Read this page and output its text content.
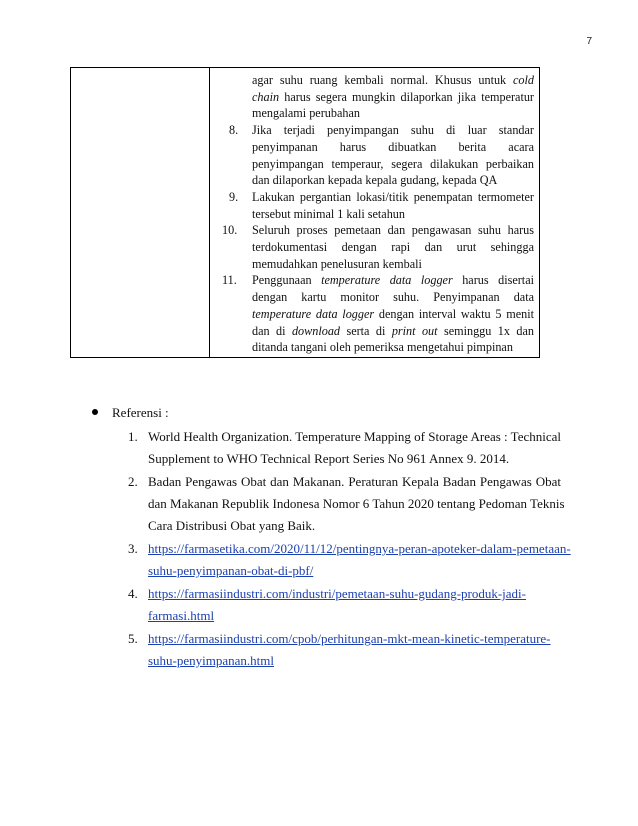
7
agar suhu ruang kembali normal. Khusus untuk cold
chain harus segera mungkin dilaporkan jika temperatur
mengalami perubahan
8. Jika terjadi penyimpangan suhu di luar standar
penyimpanan harus dibuatkan berita acara
penyimpangan temperaur, segera dilakukan perbaikan
dan dilaporkan kepada kepala gudang, kepada QA
9. Lakukan pergantian lokasi/titik penempatan termometer
tersebut minimal 1 kali setahun
10. Seluruh proses pemetaan dan pengawasan suhu harus
terdokumentasi dengan rapi dan urut sehingga
memudahkan penelusuran kembali
11. Penggunaan temperature data logger harus disertai
dengan kartu monitor suhu. Penyimpanan data
temperature data logger dengan interval waktu 5 menit
dan di download serta di print out seminggu 1x dan
ditanda tangani oleh pemeriksa mengetahui pimpinan
Referensi :
1. World Health Organization. Temperature Mapping of Storage Areas : Technical
Supplement to WHO Technical Report Series No 961 Annex 9. 2014.
2. Badan Pengawas Obat dan Makanan. Peraturan Kepala Badan Pengawas Obat
dan Makanan Republik Indonesa Nomor 6 Tahun 2020 tentang Pedoman Teknis
Cara Distribusi Obat yang Baik.
3. https://farmasetika.com/2020/11/12/pentingnya-peran-apoteker-dalam-pemetaan-
suhu-penyimpanan-obat-di-pbf/
4. https://farmasiindustri.com/industri/pemetaan-suhu-gudang-produk-jadi-
farmasi.html
5. https://farmasiindustri.com/cpob/perhitungan-mkt-mean-kinetic-temperature-
suhu-penyimpanan.html
